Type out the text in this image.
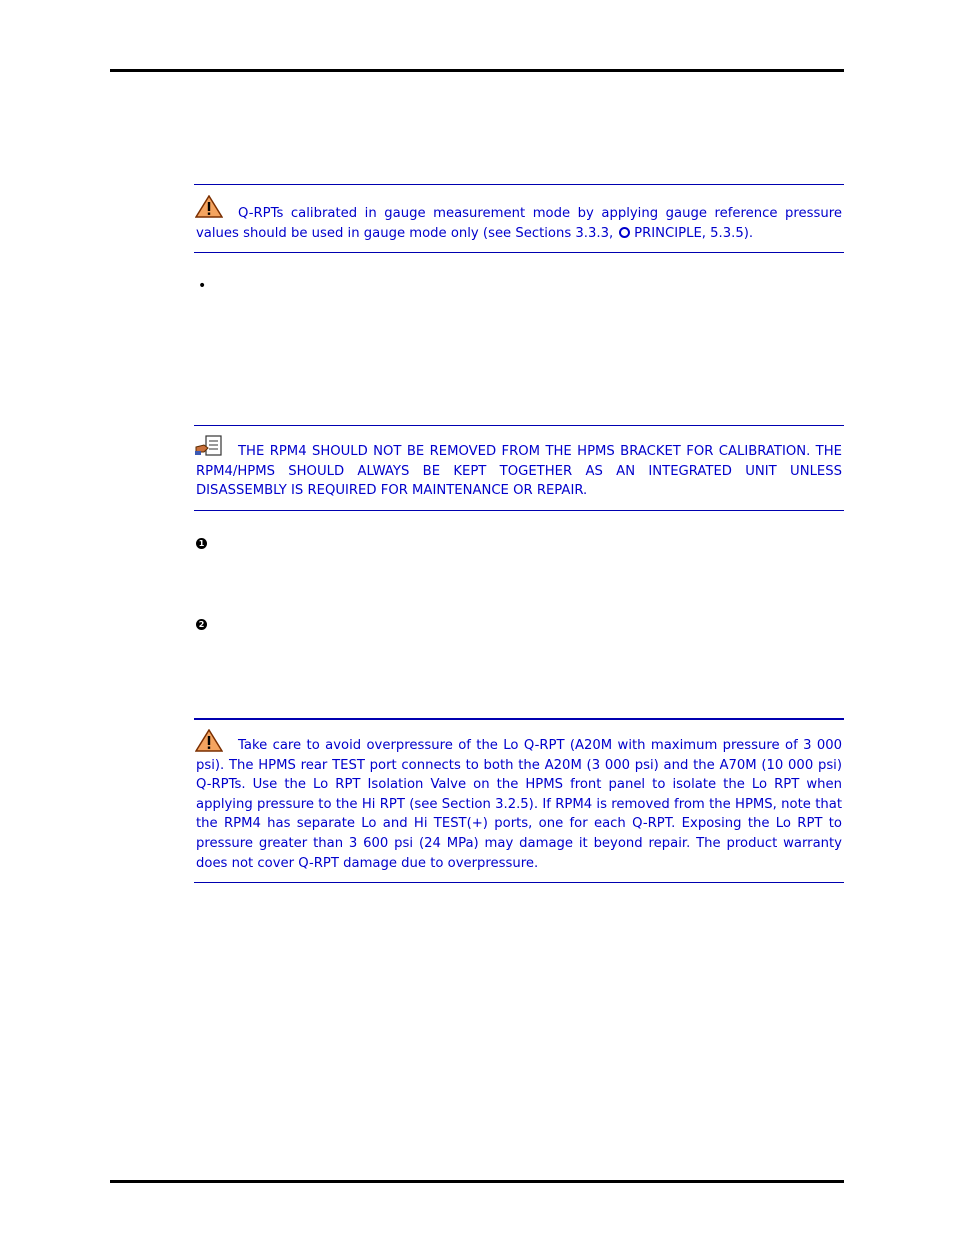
Q-RPTs calibrated in gauge measurement mode by applying gauge reference pressure values should be used in gauge mode only (see Sections 3.3.3, PRINCIPLE, 5.3.5).
•
THE RPM4 SHOULD NOT BE REMOVED FROM THE HPMS BRACKET FOR CALIBRATION. THE RPM4/HPMS SHOULD ALWAYS BE KEPT TOGETHER AS AN INTEGRATED UNIT UNLESS DISASSEMBLY IS REQUIRED FOR MAINTENANCE OR REPAIR.
1
2
Take care to avoid overpressure of the Lo Q-RPT (A20M with maximum pressure of 3 000 psi). The HPMS rear TEST port connects to both the A20M (3 000 psi) and the A70M (10 000 psi) Q-RPTs. Use the Lo RPT Isolation Valve on the HPMS front panel to isolate the Lo RPT when applying pressure to the Hi RPT (see Section 3.2.5). If RPM4 is removed from the HPMS, note that the RPM4 has separate Lo and Hi TEST(+) ports, one for each Q-RPT. Exposing the Lo RPT to pressure greater than 3 600 psi (24 MPa) may damage it beyond repair. The product warranty does not cover Q-RPT damage due to overpressure.
